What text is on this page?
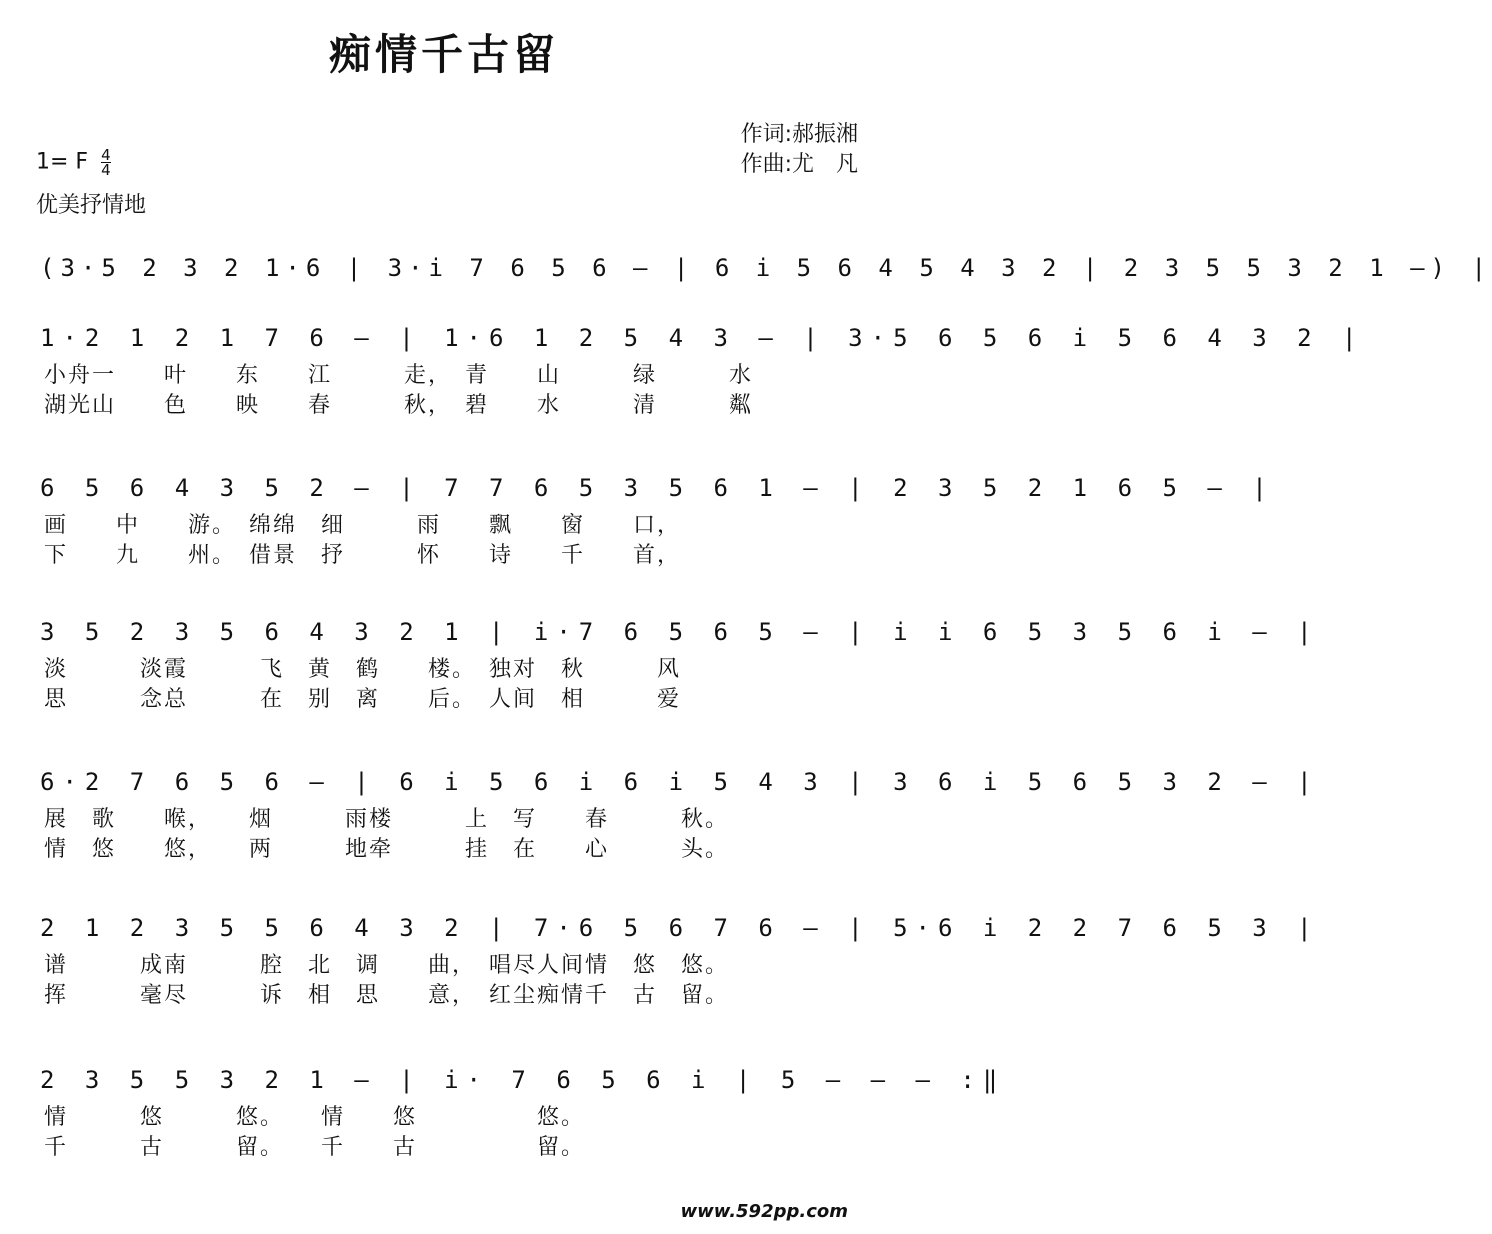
痴情千古留
作词:郝振湘
作曲:尤　凡
1= F $\frac{4}{4}$
优美抒情地
(3·5 2 3 2 1·6 | 3·i 7 6 5 6 – | 6 i 5 6 4 5 4 3 2 | 2 3 5 5 3 2 1 –) |
1·2 1 2 1 7 6 – | 1·6 1 2 5 4 3 – | 3·5 6 5 6 i 5 6 4 3 2 |
小舟一　　叶　　东　　江　　　走，　青　　山　　　绿　　　水
湖光山　　色　　映　　春　　　秋，　碧　　水　　　清　　　粼
6 5 6 4 3 5 2 – | 7 7 6 5 3 5 6 1 – | 2 3 5 2 1 6 5 – |
画　　中　　游。　绵绵　细　　　雨　　飘　　窗　　口，
下　　九　　州。　借景　抒　　　怀　　诗　　千　　首，
3 5 2 3 5 6 4 3 2 1 | i·7 6 5 6 5 – | i i 6 5 3 5 6 i – |
淡　　　淡霞　　　飞　黄　鹤　　楼。　独对　秋　　　风
思　　　念总　　　在　别　离　　后。　人间　相　　　爱
6·2 7 6 5 6 – | 6 i 5 6 i 6 i 5 4 3 | 3 6 i 5 6 5 3 2 – |
展　歌　　喉，　　烟　　　雨楼　　　上　写　　春　　　秋。
情　悠　　悠，　　两　　　地牵　　　挂　在　　心　　　头。
2 1 2 3 5 5 6 4 3 2 | 7·6 5 6 7 6 – | 5·6 i 2 2 7 6 5 3 |
谱　　　成南　　　腔　北　调　　曲，　唱尽人间情　悠　悠。
挥　　　毫尽　　　诉　相　思　　意，　红尘痴情千　古　留。
2 3 5 5 3 2 1 – | i· 7 6 5 6 i | 5 – – – :‖
情　　　悠　　　悠。　　情　　悠　　　　　悠。
千　　　古　　　留。　　千　　古　　　　　留。
www.592pp.com
